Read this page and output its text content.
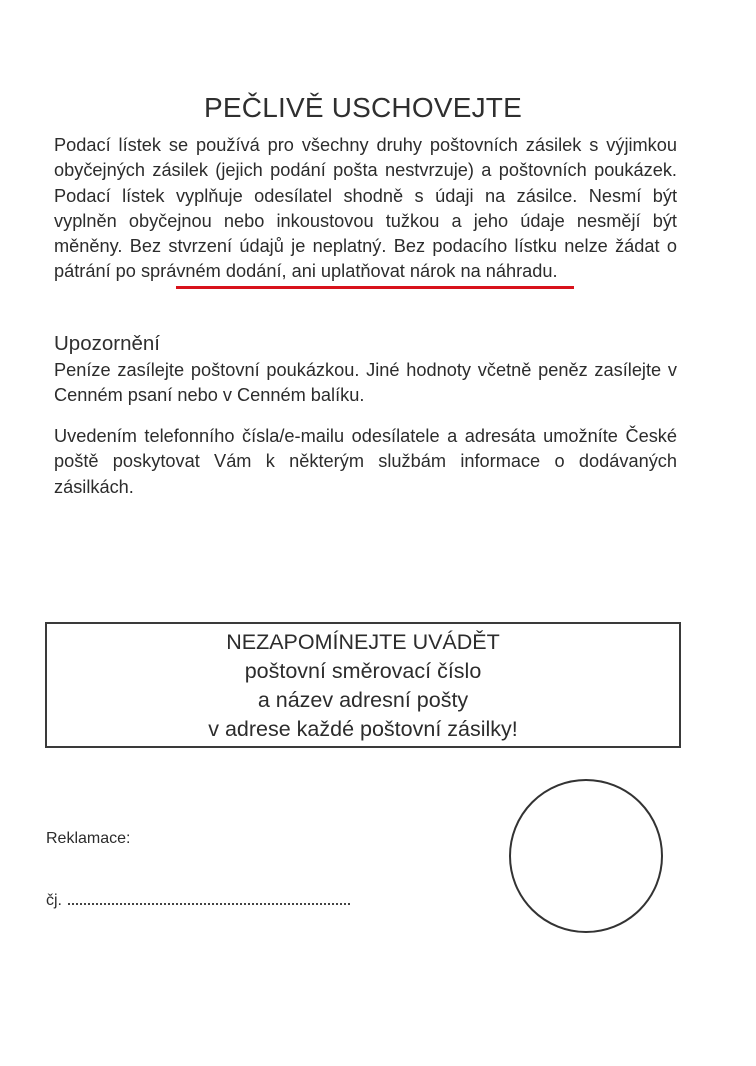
PEČLIVĚ USCHOVEJTE
Podací lístek se používá pro všechny druhy poštovních zásilek s výjimkou obyčejných zásilek (jejich podání pošta nestvrzuje) a poštovních poukázek. Podací lístek vyplňuje odesílatel shodně s údaji na zásilce. Nesmí být vyplněn obyčejnou nebo inkoustovou tužkou a jeho údaje nesmějí být měněny. Bez stvrzení údajů je neplatný. Bez podacího lístku nelze žádat o pátrání po správném dodání, ani uplatňovat nárok na náhradu.
Upozornění
Peníze zasílejte poštovní poukázkou. Jiné hodnoty včetně peněz zasílejte v Cenném psaní nebo v Cenném balíku.
Uvedením telefonního čísla/e-mailu odesílatele a adresáta umožníte České poště poskytovat Vám k některým službám informace o dodávaných zásilkách.
NEZAPOMÍNEJTE UVÁDĚT
poštovní směrovací číslo
a název adresní pošty
v adrese každé poštovní zásilky!
Reklamace:
čj.
